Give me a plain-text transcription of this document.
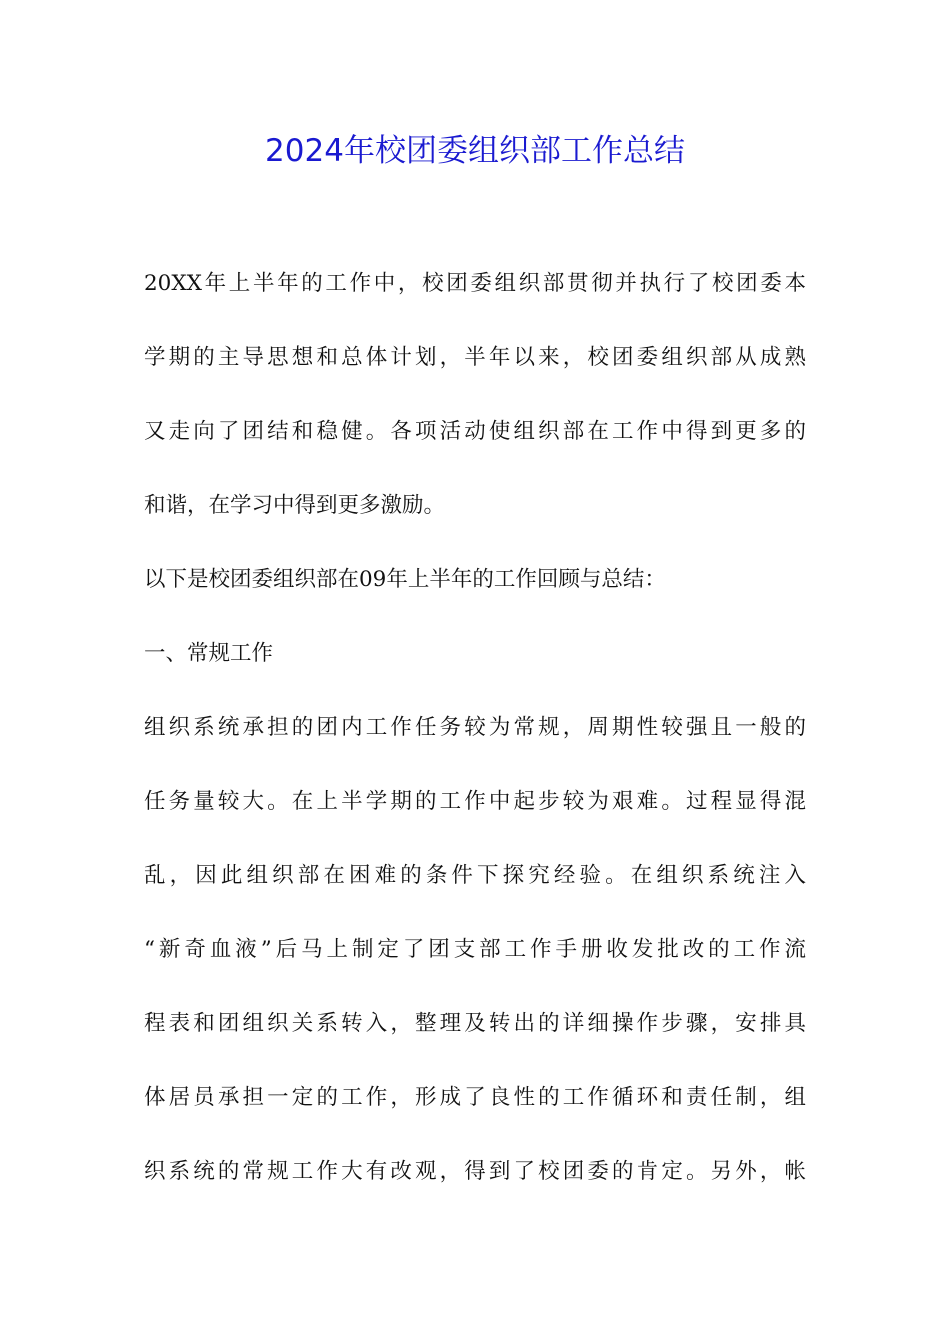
2024年校团委组织部工作总结
20XX年上半年的工作中，校团委组织部贯彻并执行了校团委本
学期的主导思想和总体计划，半年以来，校团委组织部从成熟
又走向了团结和稳健。各项活动使组织部在工作中得到更多的
和谐，在学习中得到更多激励。
以下是校团委组织部在09年上半年的工作回顾与总结：
一、常规工作
组织系统承担的团内工作任务较为常规，周期性较强且一般的
任务量较大。在上半学期的工作中起步较为艰难。过程显得混
乱，因此组织部在困难的条件下探究经验。在组织系统注入
“新奇血液”后马上制定了团支部工作手册收发批改的工作流
程表和团组织关系转入，整理及转出的详细操作步骤，安排具
体居员承担一定的工作，形成了良性的工作循环和责任制，组
织系统的常规工作大有改观，得到了校团委的肯定。另外，帐
